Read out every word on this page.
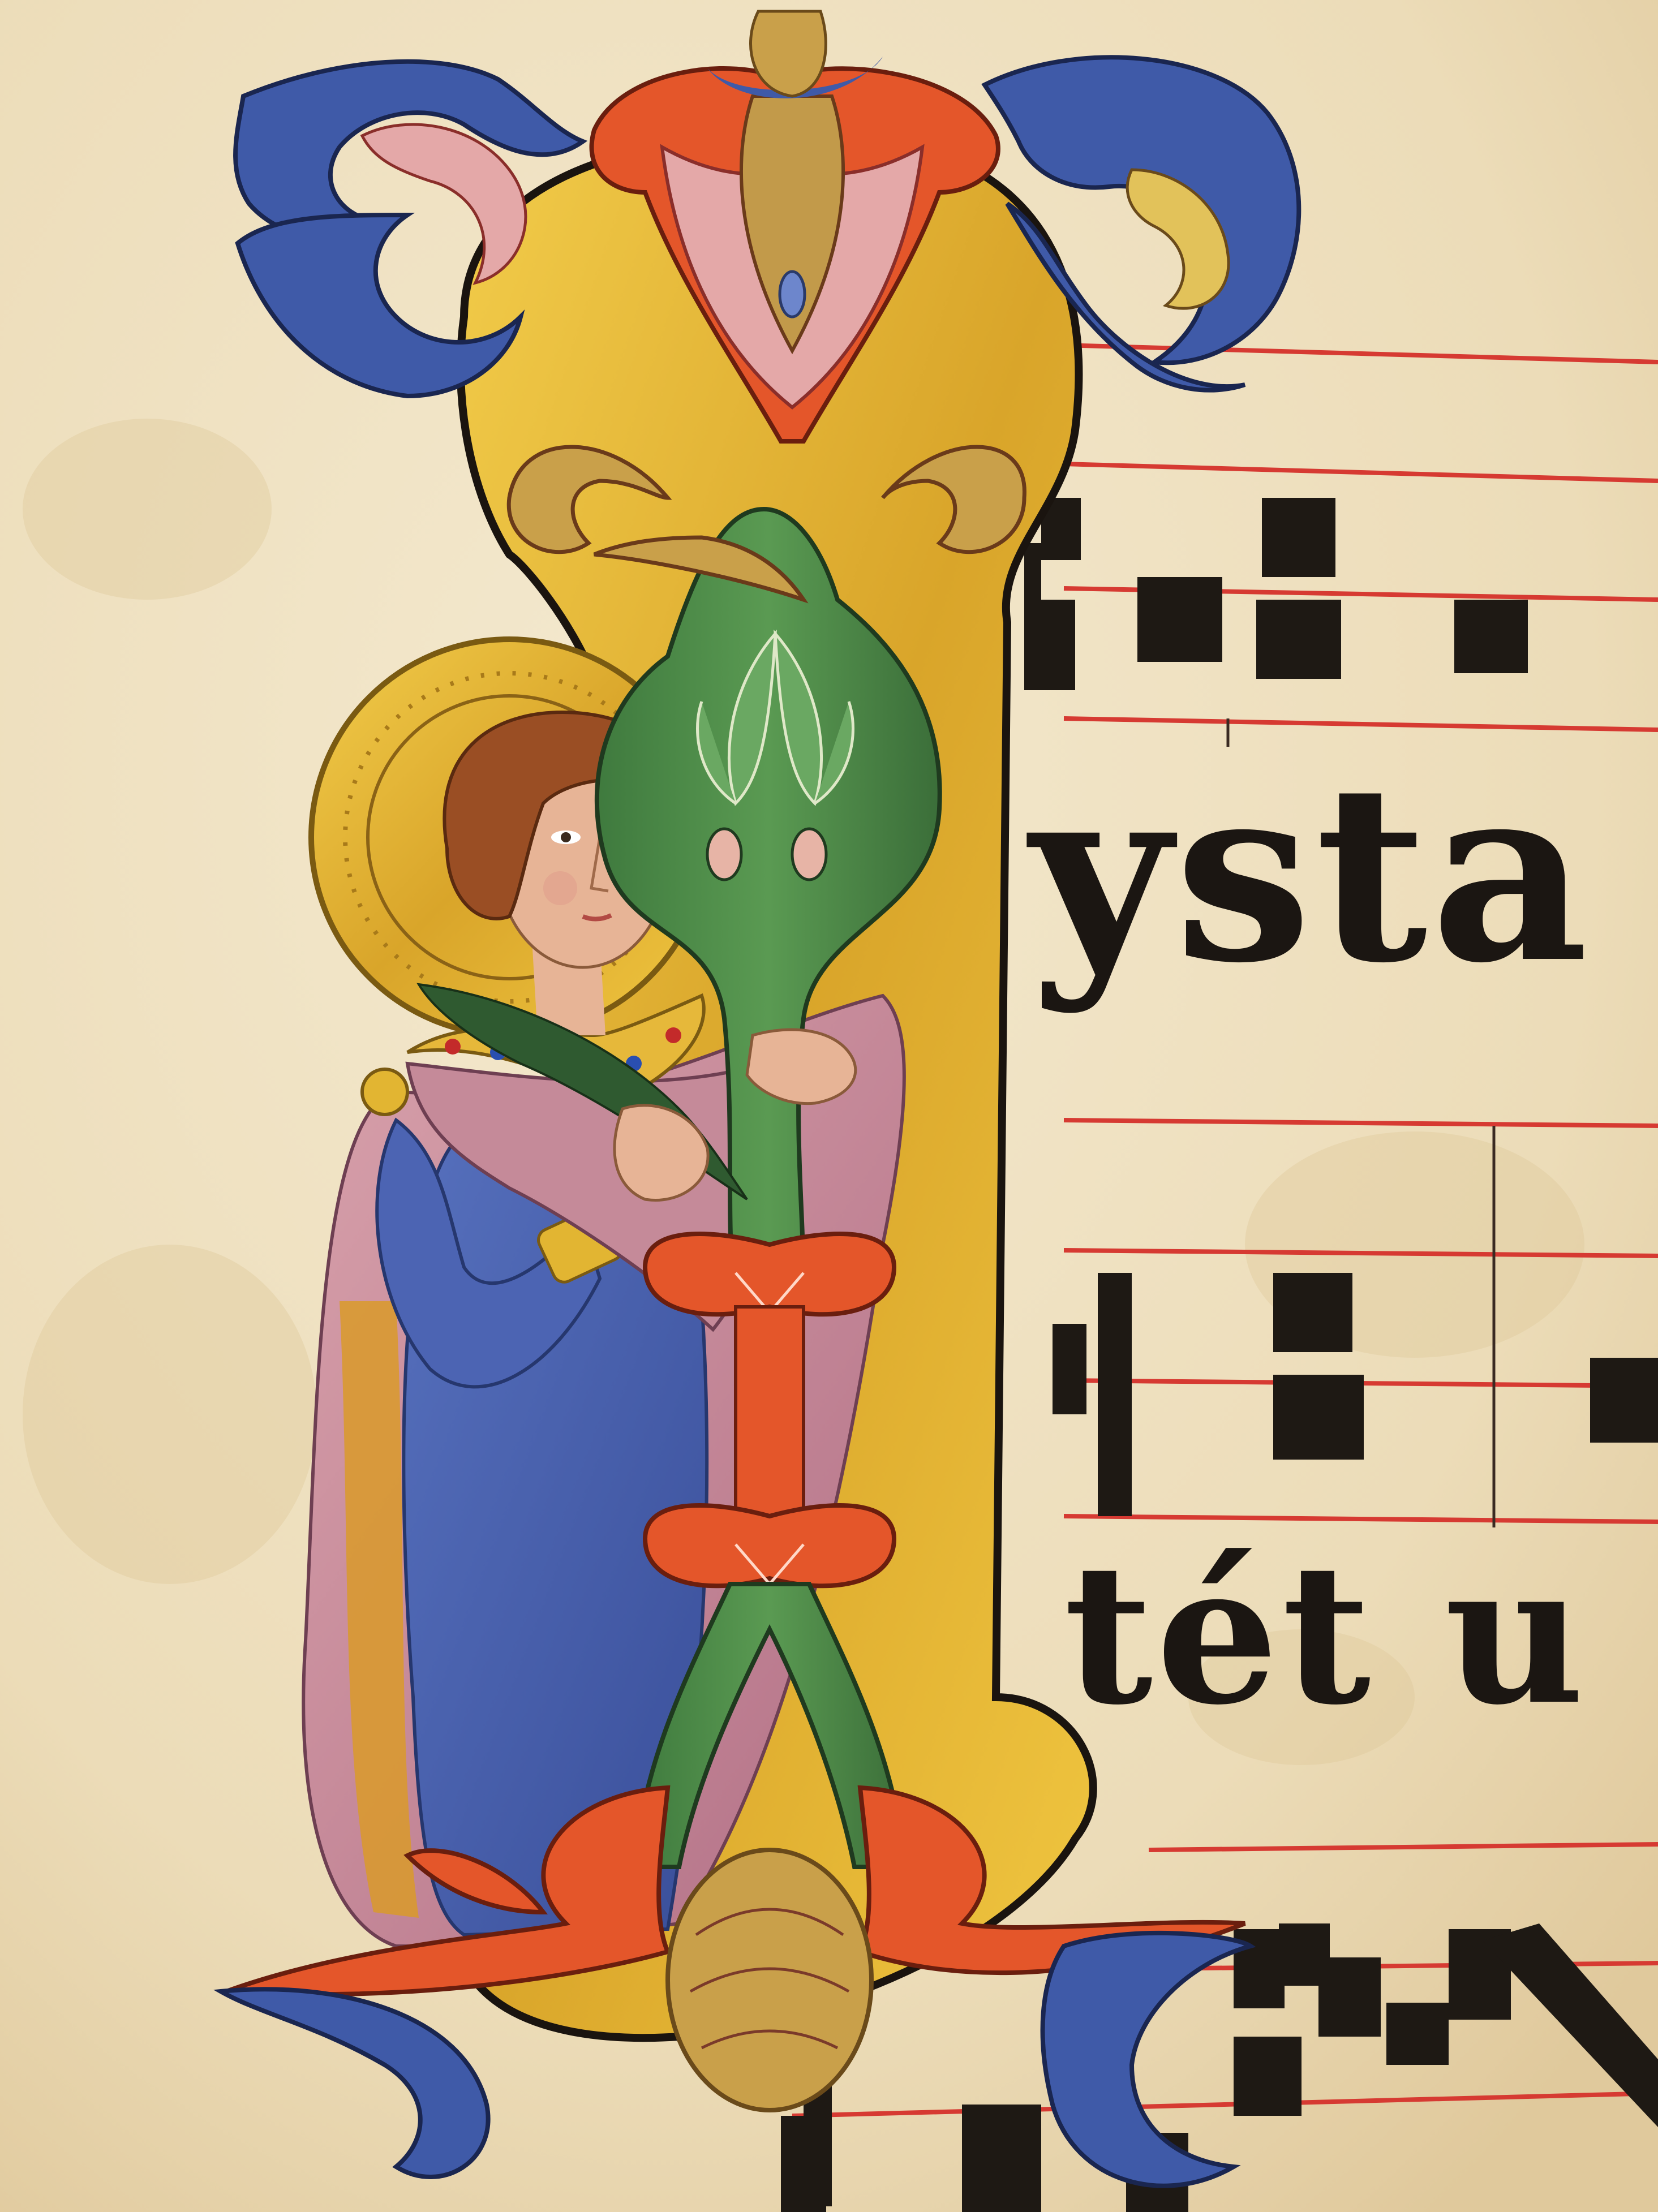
ysta
tét u
